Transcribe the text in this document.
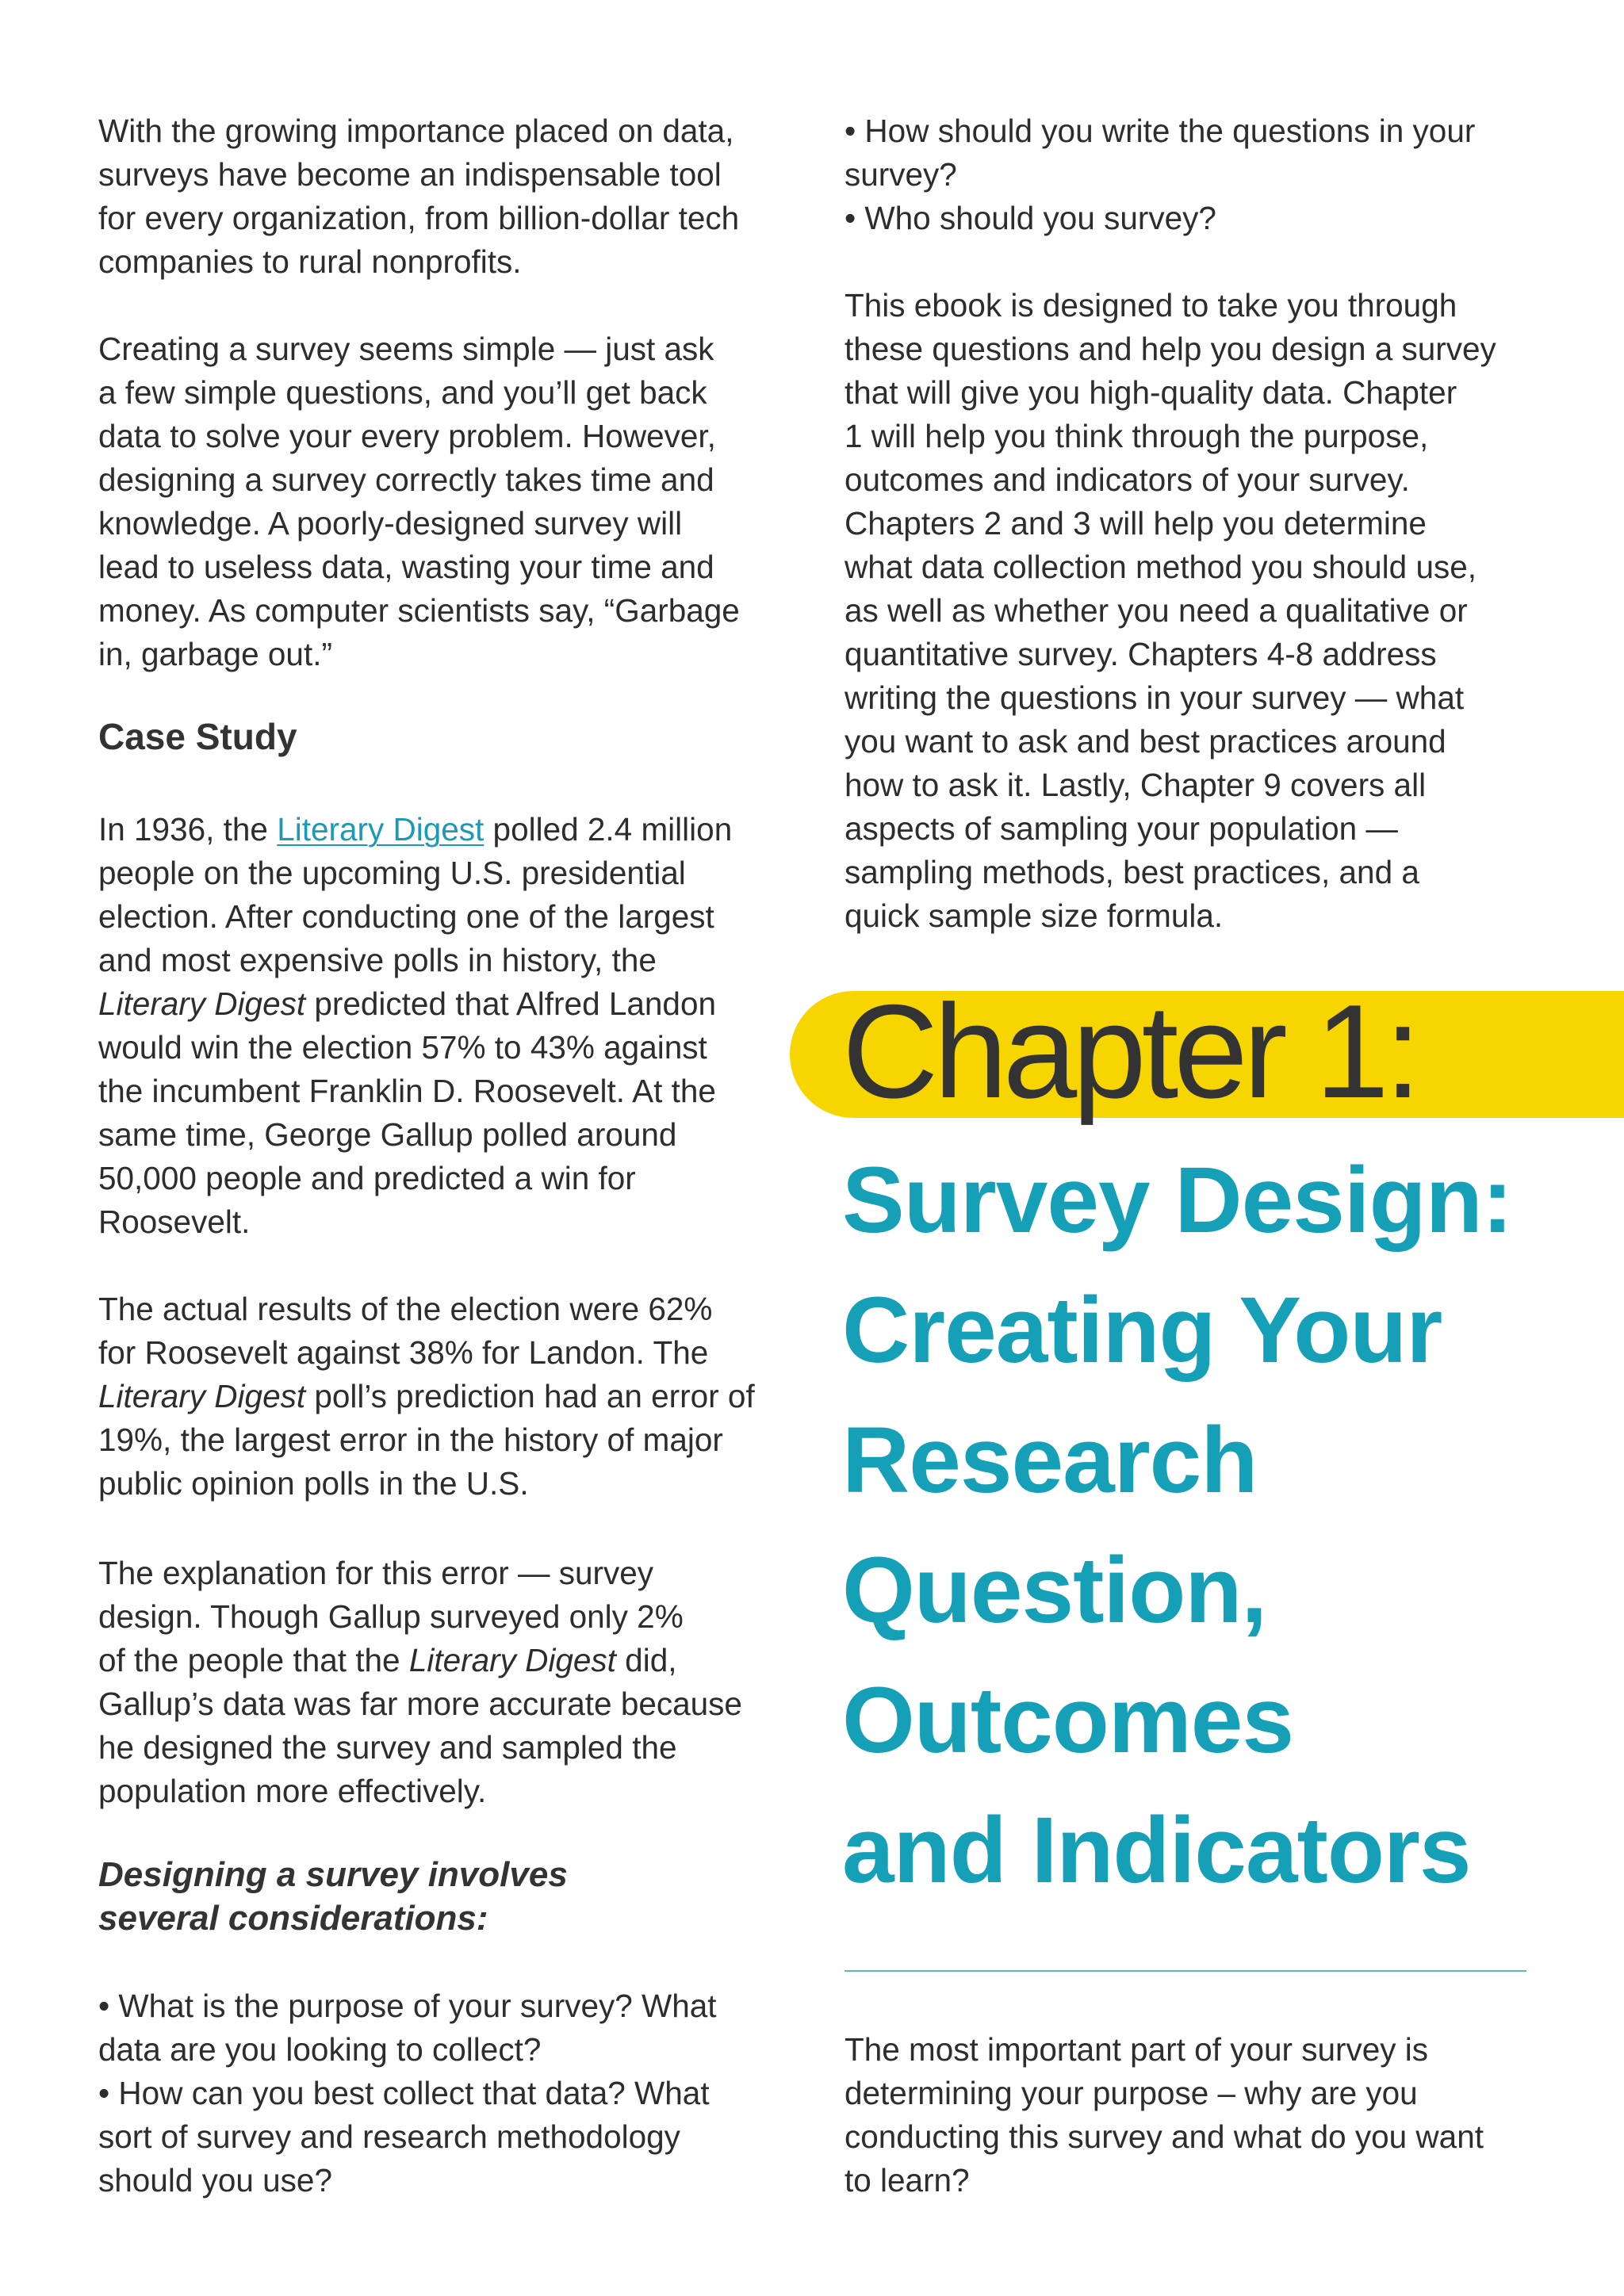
With the growing importance placed on data,
surveys have become an indispensable tool
for every organization, from billion-dollar tech
companies to rural nonprofits.

Creating a survey seems simple — just ask
a few simple questions, and you’ll get back
data to solve your every problem. However,
designing a survey correctly takes time and
knowledge. A poorly-designed survey will
lead to useless data, wasting your time and
money. As computer scientists say, “Garbage
in, garbage out.”

Case Study

In 1936, the Literary Digest polled 2.4 million
people on the upcoming U.S. presidential
election. After conducting one of the largest
and most expensive polls in history, the
Literary Digest predicted that Alfred Landon
would win the election 57% to 43% against
the incumbent Franklin D. Roosevelt. At the
same time, George Gallup polled around
50,000 people and predicted a win for
Roosevelt.

The actual results of the election were 62%
for Roosevelt against 38% for Landon. The
Literary Digest poll’s prediction had an error of
19%, the largest error in the history of major
public opinion polls in the U.S.

The explanation for this error — survey
design. Though Gallup surveyed only 2%
of the people that the Literary Digest did,
Gallup’s data was far more accurate because
he designed the survey and sampled the
population more effectively.

Designing a survey involves
several considerations:

• What is the purpose of your survey? What
data are you looking to collect?
• How can you best collect that data? What
sort of survey and research methodology
should you use?

• How should you write the questions in your
survey?
• Who should you survey?

This ebook is designed to take you through
these questions and help you design a survey
that will give you high-quality data. Chapter
1 will help you think through the purpose,
outcomes and indicators of your survey.
Chapters 2 and 3 will help you determine
what data collection method you should use,
as well as whether you need a qualitative or
quantitative survey. Chapters 4-8 address
writing the questions in your survey — what
you want to ask and best practices around
how to ask it. Lastly, Chapter 9 covers all
aspects of sampling your population —
sampling methods, best practices, and a
quick sample size formula.

Chapter 1:
Survey Design:
Creating Your
Research
Question,
Outcomes
and Indicators

The most important part of your survey is
determining your purpose – why are you
conducting this survey and what do you want
to learn?
